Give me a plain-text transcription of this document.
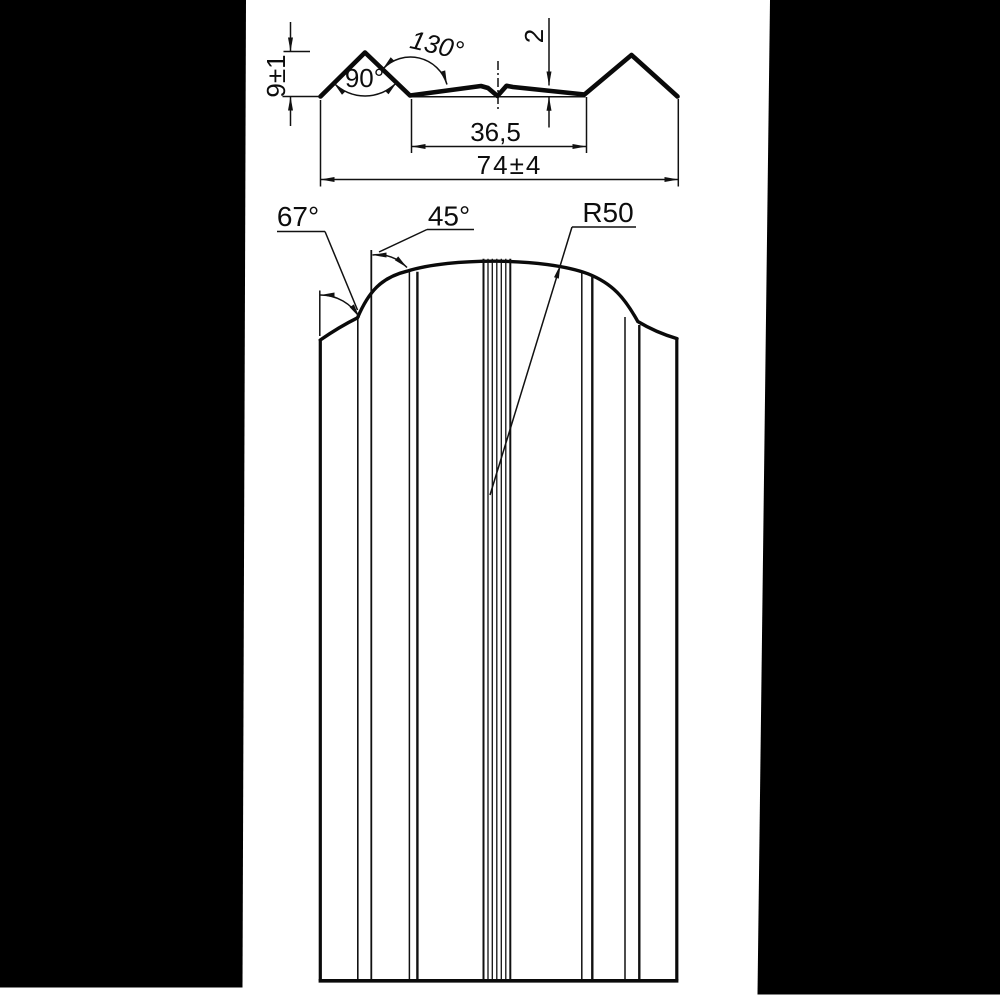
9±1 90°
130° 2
36,5
74±4
67°	45°	R50
